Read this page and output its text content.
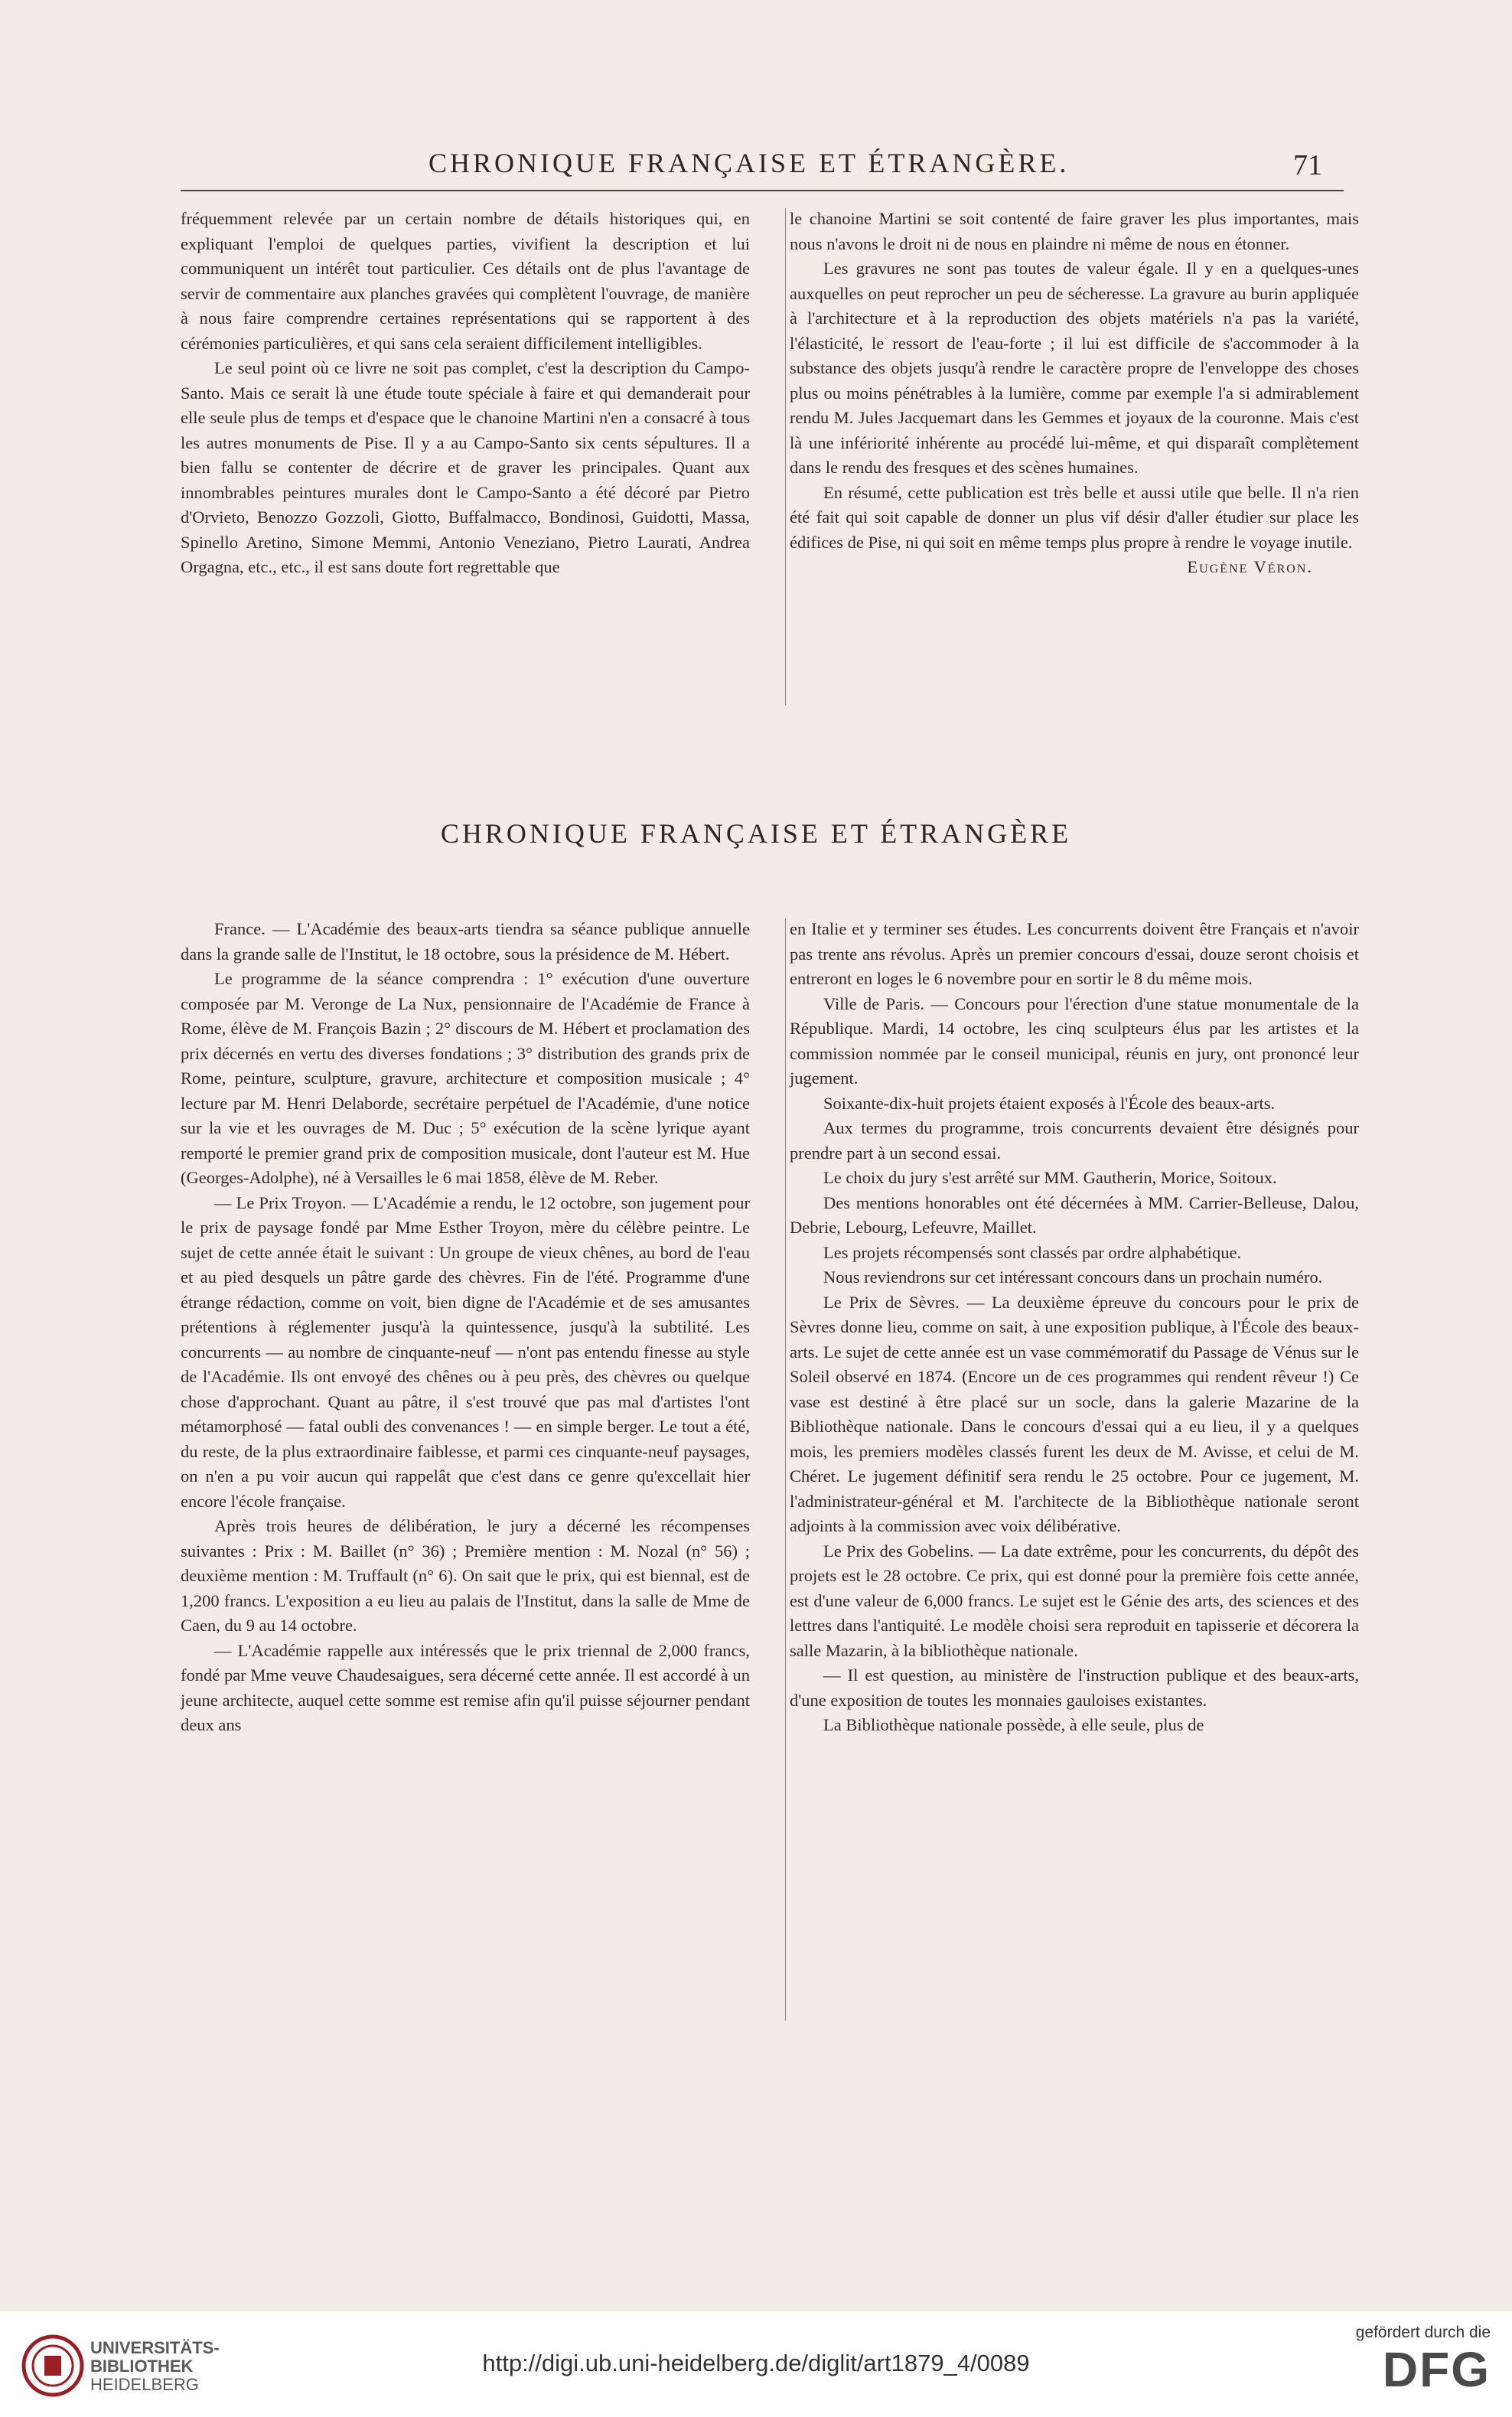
CHRONIQUE FRANÇAISE ET ÉTRANGÈRE.	71

fréquemment relevée par un certain nombre de détails historiques qui, en expliquant l'emploi de quelques parties, vivifient la description et lui communiquent un intérêt tout particulier. Ces détails ont de plus l'avantage de servir de commentaire aux planches gravées qui complètent l'ouvrage, de manière à nous faire comprendre certaines représentations qui se rapportent à des cérémonies particulières, et qui sans cela seraient difficilement intelligibles.

Le seul point où ce livre ne soit pas complet, c'est la description du Campo-Santo. Mais ce serait là une étude toute spéciale à faire et qui demanderait pour elle seule plus de temps et d'espace que le chanoine Martini n'en a consacré à tous les autres monuments de Pise. Il y a au Campo-Santo six cents sépultures. Il a bien fallu se contenter de décrire et de graver les principales. Quant aux innombrables peintures murales dont le Campo-Santo a été décoré par Pietro d'Orvieto, Benozzo Gozzoli, Giotto, Buffalmacco, Bondinosi, Guidotti, Massa, Spinello Aretino, Simone Memmi, Antonio Veneziano, Pietro Laurati, Andrea Orgagna, etc., etc., il est sans doute fort regrettable que

le chanoine Martini se soit contenté de faire graver les plus importantes, mais nous n'avons le droit ni de nous en plaindre ni même de nous en étonner.

Les gravures ne sont pas toutes de valeur égale. Il y en a quelques-unes auxquelles on peut reprocher un peu de sécheresse. La gravure au burin appliquée à l'architecture et à la reproduction des objets matériels n'a pas la variété, l'élasticité, le ressort de l'eau-forte ; il lui est difficile de s'accommoder à la substance des objets jusqu'à rendre le caractère propre de l'enveloppe des choses plus ou moins pénétrables à la lumière, comme par exemple l'a si admirablement rendu M. Jules Jacquemart dans les Gemmes et joyaux de la couronne. Mais c'est là une infériorité inhérente au procédé lui-même, et qui disparaît complètement dans le rendu des fresques et des scènes humaines.

En résumé, cette publication est très belle et aussi utile que belle. Il n'a rien été fait qui soit capable de donner un plus vif désir d'aller étudier sur place les édifices de Pise, ni qui soit en même temps plus propre à rendre le voyage inutile.

Eugène Véron.
CHRONIQUE FRANÇAISE ET ÉTRANGÈRE

France. — L'Académie des beaux-arts tiendra sa séance publique annuelle dans la grande salle de l'Institut, le 18 octobre, sous la présidence de M. Hébert.

Le programme de la séance comprendra : 1° exécution d'une ouverture composée par M. Veronge de La Nux, pensionnaire de l'Académie de France à Rome, élève de M. François Bazin ; 2° discours de M. Hébert et proclamation des prix décernés en vertu des diverses fondations ; 3° distribution des grands prix de Rome, peinture, sculpture, gravure, architecture et composition musicale ; 4° lecture par M. Henri Delaborde, secrétaire perpétuel de l'Académie, d'une notice sur la vie et les ouvrages de M. Duc ; 5° exécution de la scène lyrique ayant remporté le premier grand prix de composition musicale, dont l'auteur est M. Hue (Georges-Adolphe), né à Versailles le 6 mai 1858, élève de M. Reber.

— Le Prix Troyon. — L'Académie a rendu, le 12 octobre, son jugement pour le prix de paysage fondé par Mme Esther Troyon, mère du célèbre peintre. Le sujet de cette année était le suivant : Un groupe de vieux chênes, au bord de l'eau et au pied desquels un pâtre garde des chèvres. Fin de l'été. Programme d'une étrange rédaction, comme on voit, bien digne de l'Académie et de ses amusantes prétentions à réglementer jusqu'à la quintessence, jusqu'à la subtilité. Les concurrents — au nombre de cinquante-neuf — n'ont pas entendu finesse au style de l'Académie. Ils ont envoyé des chênes ou à peu près, des chèvres ou quelque chose d'approchant. Quant au pâtre, il s'est trouvé que pas mal d'artistes l'ont métamorphosé — fatal oubli des convenances ! — en simple berger. Le tout a été, du reste, de la plus extraordinaire faiblesse, et parmi ces cinquante-neuf paysages, on n'en a pu voir aucun qui rappelât que c'est dans ce genre qu'excellait hier encore l'école française.

Après trois heures de délibération, le jury a décerné les récompenses suivantes : Prix : M. Baillet (n° 36) ; Première mention : M. Nozal (n° 56) ; deuxième mention : M. Truffault (n° 6). On sait que le prix, qui est biennal, est de 1,200 francs. L'exposition a eu lieu au palais de l'Institut, dans la salle de Mme de Caen, du 9 au 14 octobre.

— L'Académie rappelle aux intéressés que le prix triennal de 2,000 francs, fondé par Mme veuve Chaudesaigues, sera décerné cette année. Il est accordé à un jeune architecte, auquel cette somme est remise afin qu'il puisse séjourner pendant deux ans

en Italie et y terminer ses études. Les concurrents doivent être Français et n'avoir pas trente ans révolus. Après un premier concours d'essai, douze seront choisis et entreront en loges le 6 novembre pour en sortir le 8 du même mois.

Ville de Paris. — Concours pour l'érection d'une statue monumentale de la République. Mardi, 14 octobre, les cinq sculpteurs élus par les artistes et la commission nommée par le conseil municipal, réunis en jury, ont prononcé leur jugement.

Soixante-dix-huit projets étaient exposés à l'École des beaux-arts.

Aux termes du programme, trois concurrents devaient être désignés pour prendre part à un second essai.

Le choix du jury s'est arrêté sur MM. Gautherin, Morice, Soitoux.

Des mentions honorables ont été décernées à MM. Carrier-Belleuse, Dalou, Debrie, Lebourg, Lefeuvre, Maillet.

Les projets récompensés sont classés par ordre alphabétique.

Nous reviendrons sur cet intéressant concours dans un prochain numéro.

Le Prix de Sèvres. — La deuxième épreuve du concours pour le prix de Sèvres donne lieu, comme on sait, à une exposition publique, à l'École des beaux-arts. Le sujet de cette année est un vase commémoratif du Passage de Vénus sur le Soleil observé en 1874. (Encore un de ces programmes qui rendent rêveur !) Ce vase est destiné à être placé sur un socle, dans la galerie Mazarine de la Bibliothèque nationale. Dans le concours d'essai qui a eu lieu, il y a quelques mois, les premiers modèles classés furent les deux de M. Avisse, et celui de M. Chéret. Le jugement définitif sera rendu le 25 octobre. Pour ce jugement, M. l'administrateur-général et M. l'architecte de la Bibliothèque nationale seront adjoints à la commission avec voix délibérative.

Le Prix des Gobelins. — La date extrême, pour les concurrents, du dépôt des projets est le 28 octobre. Ce prix, qui est donné pour la première fois cette année, est d'une valeur de 6,000 francs. Le sujet est le Génie des arts, des sciences et des lettres dans l'antiquité. Le modèle choisi sera reproduit en tapisserie et décorera la salle Mazarin, à la bibliothèque nationale.

— Il est question, au ministère de l'instruction publique et des beaux-arts, d'une exposition de toutes les monnaies gauloises existantes.

La Bibliothèque nationale possède, à elle seule, plus de

UNIVERSITÄTS-
BIBLIOTHEK
HEIDELBERG
http://digi.ub.uni-heidelberg.de/diglit/art1879_4/0089
gefördert durch die
DFG
